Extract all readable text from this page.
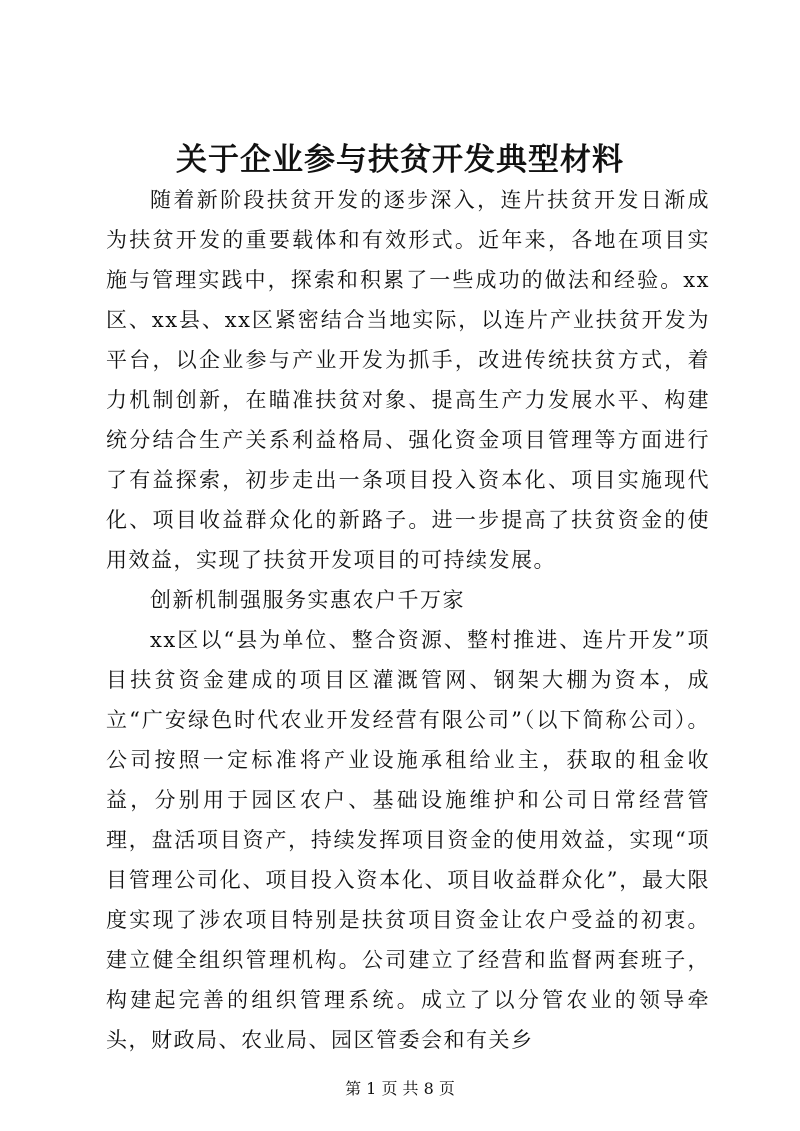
关于企业参与扶贫开发典型材料

随着新阶段扶贫开发的逐步深入，连片扶贫开发日渐成为扶贫开发的重要载体和有效形式。近年来，各地在项目实施与管理实践中，探索和积累了一些成功的做法和经验。xx区、xx县、xx区紧密结合当地实际，以连片产业扶贫开发为平台，以企业参与产业开发为抓手，改进传统扶贫方式，着力机制创新，在瞄准扶贫对象、提高生产力发展水平、构建统分结合生产关系利益格局、强化资金项目管理等方面进行了有益探索，初步走出一条项目投入资本化、项目实施现代化、项目收益群众化的新路子。进一步提高了扶贫资金的使用效益，实现了扶贫开发项目的可持续发展。

创新机制强服务实惠农户千万家

xx区以“县为单位、整合资源、整村推进、连片开发”项目扶贫资金建成的项目区灌溉管网、钢架大棚为资本，成立“广安绿色时代农业开发经营有限公司”（以下简称公司）。公司按照一定标准将产业设施承租给业主，获取的租金收益，分别用于园区农户、基础设施维护和公司日常经营管理，盘活项目资产，持续发挥项目资金的使用效益，实现“项目管理公司化、项目投入资本化、项目收益群众化”，最大限度实现了涉农项目特别是扶贫项目资金让农户受益的初衷。建立健全组织管理机构。公司建立了经营和监督两套班子，构建起完善的组织管理系统。成立了以分管农业的领导牵头，财政局、农业局、园区管委会和有关乡

第 1 页 共 8 页
